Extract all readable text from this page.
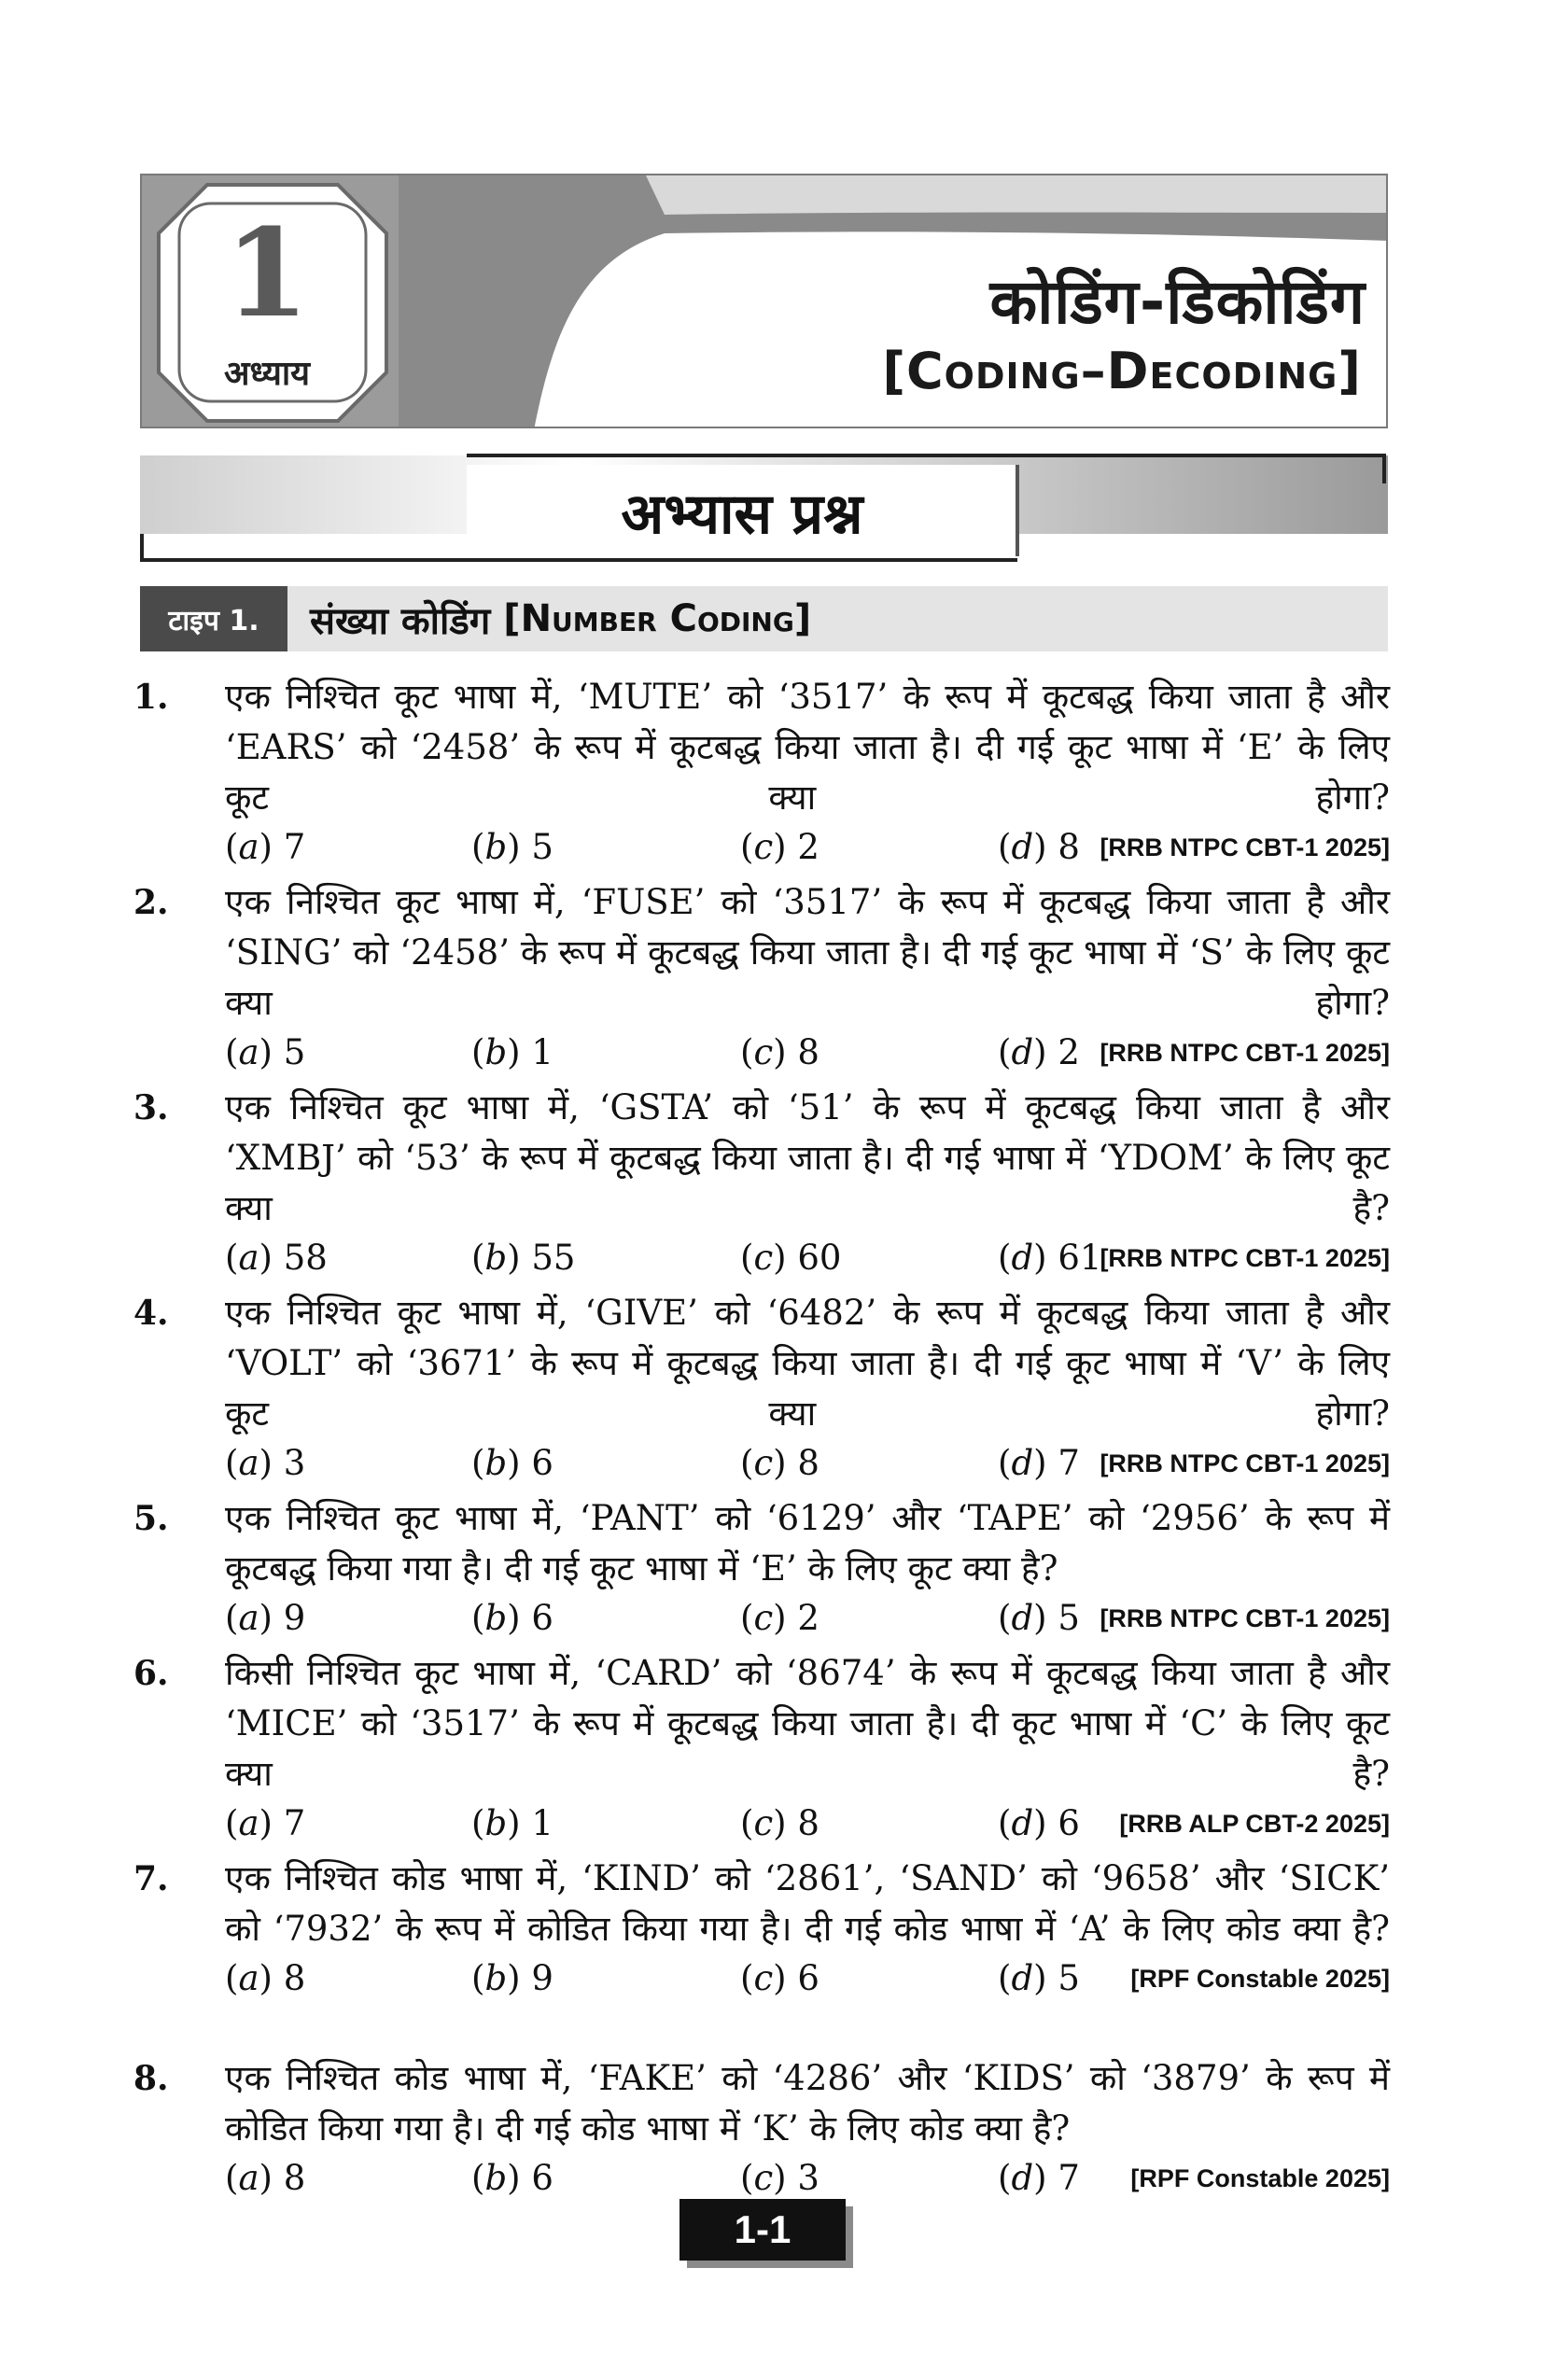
1
अध्याय
कोडिंग-डिकोडिंग
[Coding–Decoding]
अभ्यास प्रश्न
टाइप 1.	संख्या कोडिंग [Number Coding]
1. एक निश्चित कूट भाषा में, ‘MUTE’ को ‘3517’ के रूप में कूटबद्ध किया जाता है और ‘EARS’ को ‘2458’ के रूप में कूटबद्ध किया जाता है। दी गई कूट भाषा में ‘E’ के लिए कूट क्या होगा?
(a) 7	(b) 5	(c) 2	(d) 8 [RRB NTPC CBT-1 2025]
2. एक निश्चित कूट भाषा में, ‘FUSE’ को ‘3517’ के रूप में कूटबद्ध किया जाता है और ‘SING’ को ‘2458’ के रूप में कूटबद्ध किया जाता है। दी गई कूट भाषा में ‘S’ के लिए कूट क्या होगा?
(a) 5	(b) 1	(c) 8	(d) 2 [RRB NTPC CBT-1 2025]
3. एक निश्चित कूट भाषा में, ‘GSTA’ को ‘51’ के रूप में कूटबद्ध किया जाता है और ‘XMBJ’ को ‘53’ के रूप में कूटबद्ध किया जाता है। दी गई भाषा में ‘YDOM’ के लिए कूट क्या है?
(a) 58	(b) 55	(c) 60	(d) 61
[RRB NTPC CBT-1 2025]
4. एक निश्चित कूट भाषा में, ‘GIVE’ को ‘6482’ के रूप में कूटबद्ध किया जाता है और ‘VOLT’ को ‘3671’ के रूप में कूटबद्ध किया जाता है। दी गई कूट भाषा में ‘V’ के लिए कूट क्या होगा?
(a) 3	(b) 6	(c) 8	(d) 7 [RRB NTPC CBT-1 2025]
5. एक निश्चित कूट भाषा में, ‘PANT’ को ‘6129’ और ‘TAPE’ को ‘2956’ के रूप में कूटबद्ध किया गया है। दी गई कूट भाषा में ‘E’ के लिए कूट क्या है?
(a) 9	(b) 6	(c) 2	(d) 5 [RRB NTPC CBT-1 2025]
6. किसी निश्चित कूट भाषा में, ‘CARD’ को ‘8674’ के रूप में कूटबद्ध किया जाता है और ‘MICE’ को ‘3517’ के रूप में कूटबद्ध किया जाता है। दी कूट भाषा में ‘C’ के लिए कूट क्या है?
(a) 7	(b) 1	(c) 8	(d) 6 [RRB ALP CBT-2 2025]
7. एक निश्चित कोड भाषा में, ‘KIND’ को ‘2861’, ‘SAND’ को ‘9658’ और ‘SICK’ को ‘7932’ के रूप में कोडित किया गया है। दी गई कोड भाषा में ‘A’ के लिए कोड क्या है?
(a) 8	(b) 9	(c) 6	(d) 5 [RPF Constable 2025]
8. एक निश्चित कोड भाषा में, ‘FAKE’ को ‘4286’ और ‘KIDS’ को ‘3879’ के रूप में कोडित किया गया है। दी गई कोड भाषा में ‘K’ के लिए कोड क्या है?
(a) 8	(b) 6	(c) 3	(d) 7 [RPF Constable 2025]
1-1
